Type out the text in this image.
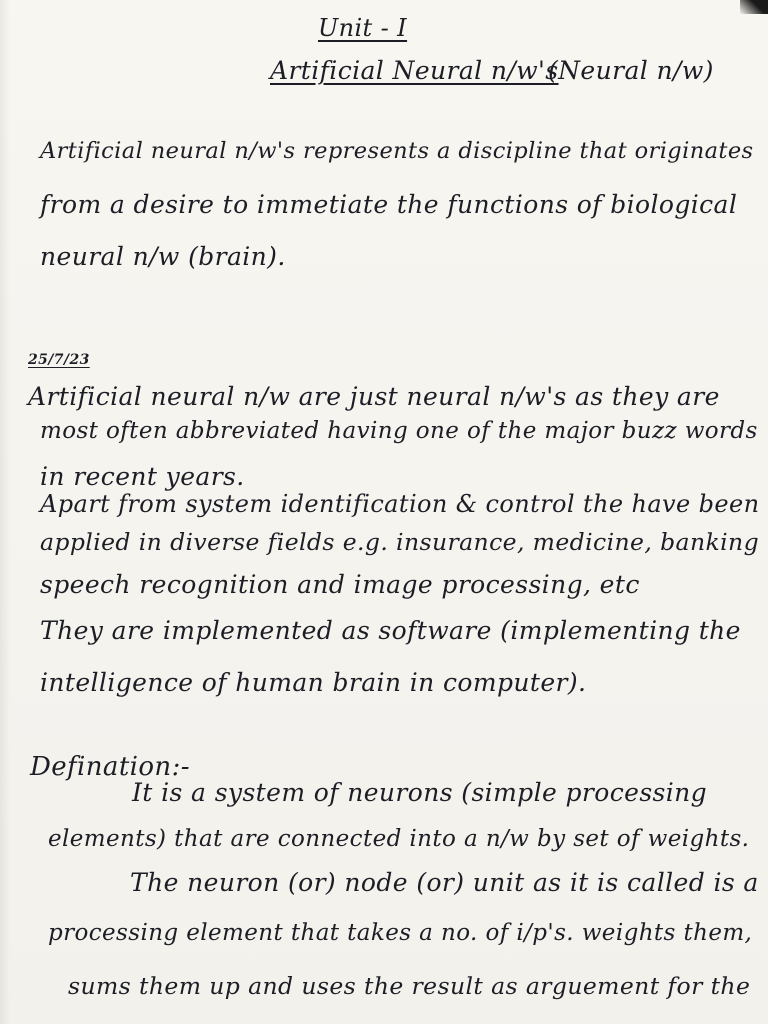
Unit - I
Artificial Neural n/w's
(Neural n/w)
Artificial neural n/w's represents a discipline that originates
from a desire to immetiate the functions of biological
neural n/w (brain).
25/7/23
Artificial neural n/w are just neural n/w's as they are
most often abbreviated having one of the major buzz words
in recent years.
Apart from system identification & control the have been
applied in diverse fields e.g. insurance, medicine, banking
speech recognition and image processing, etc
They are implemented as software (implementing the
intelligence of human brain in computer).
Defination:-
It is a system of neurons (simple processing
elements) that are connected into a n/w by set of weights.
The neuron (or) node (or) unit as it is called is a
processing element that takes a no. of i/p's. weights them,
sums them up and uses the result as arguement for the
